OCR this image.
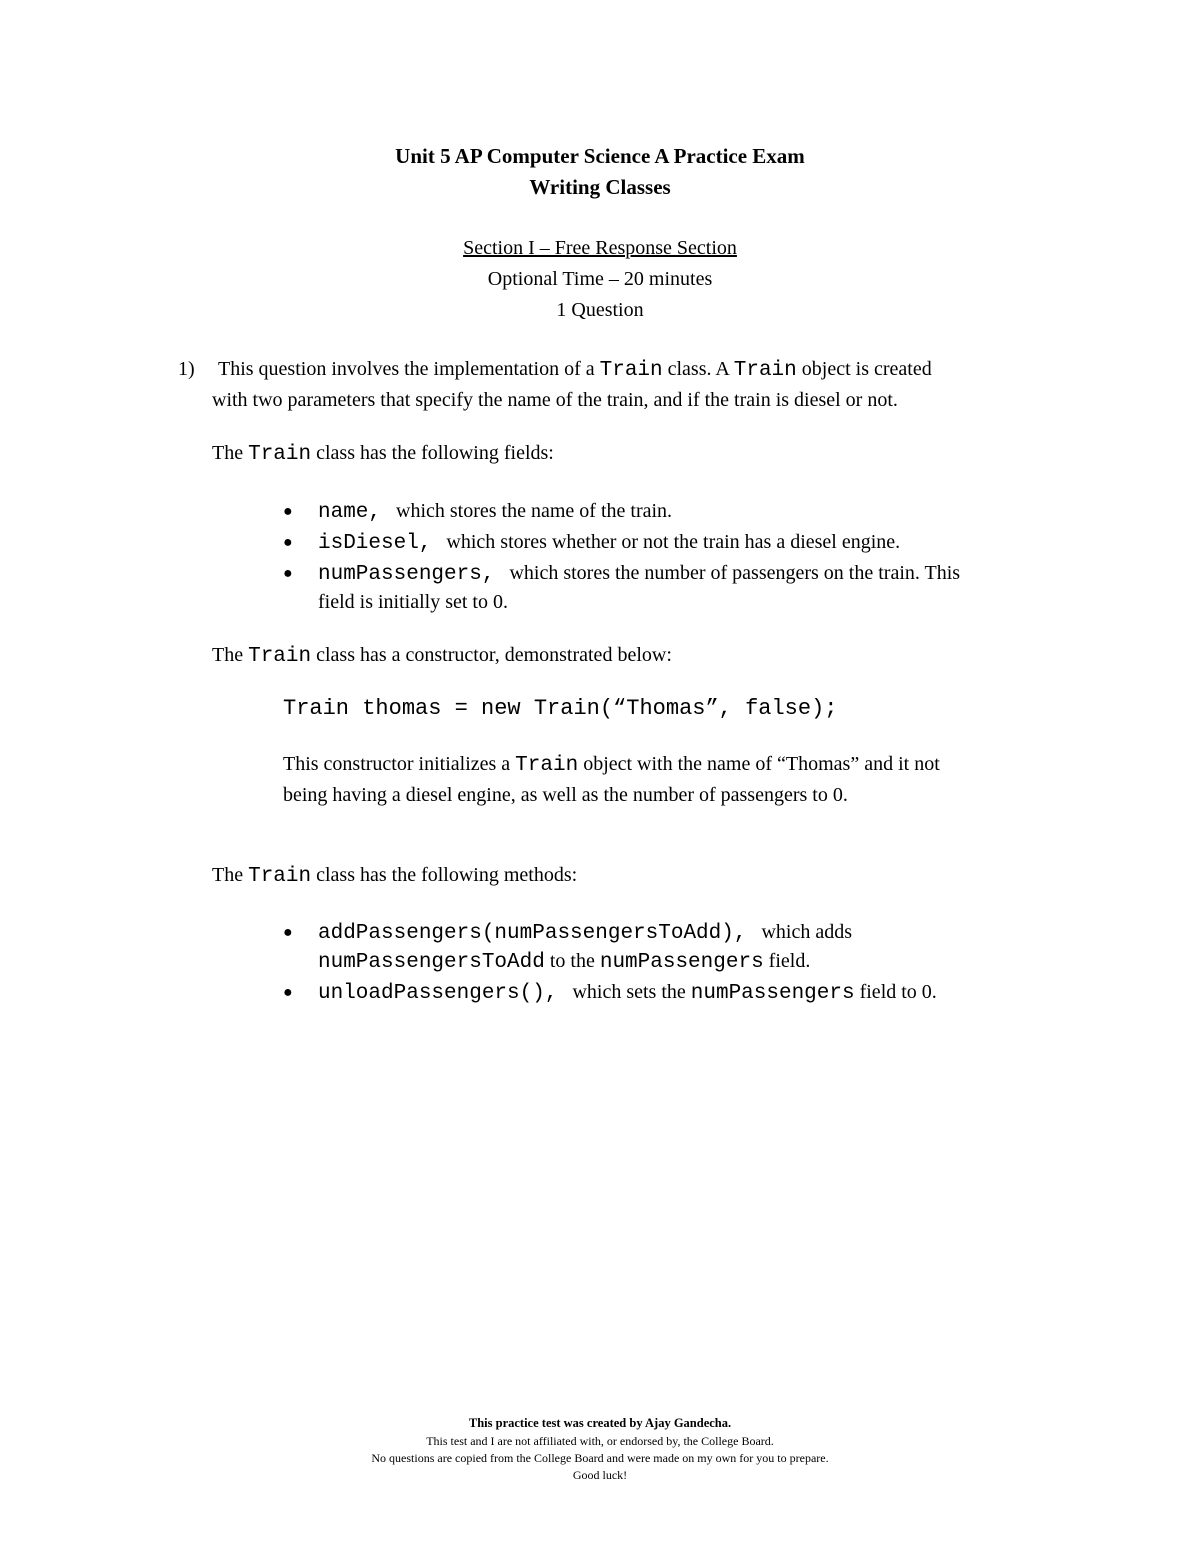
Unit 5 AP Computer Science A Practice Exam
Writing Classes
Section I – Free Response Section
Optional Time – 20 minutes
1 Question
1) This question involves the implementation of a Train class. A Train object is created
with two parameters that specify the name of the train, and if the train is diesel or not.
The Train class has the following fields:
● name, which stores the name of the train.
● isDiesel, which stores whether or not the train has a diesel engine.
● numPassengers, which stores the number of passengers on the train. This
field is initially set to 0.
The Train class has a constructor, demonstrated below:
Train thomas = new Train(“Thomas”, false);
This constructor initializes a Train object with the name of “Thomas” and it not
being having a diesel engine, as well as the number of passengers to 0.
The Train class has the following methods:
● addPassengers(numPassengersToAdd), which adds
numPassengersToAdd to the numPassengers field.
● unloadPassengers(), which sets the numPassengers field to 0.
This practice test was created by Ajay Gandecha.
This test and I are not affiliated with, or endorsed by, the College Board.
No questions are copied from the College Board and were made on my own for you to prepare.
Good luck!
